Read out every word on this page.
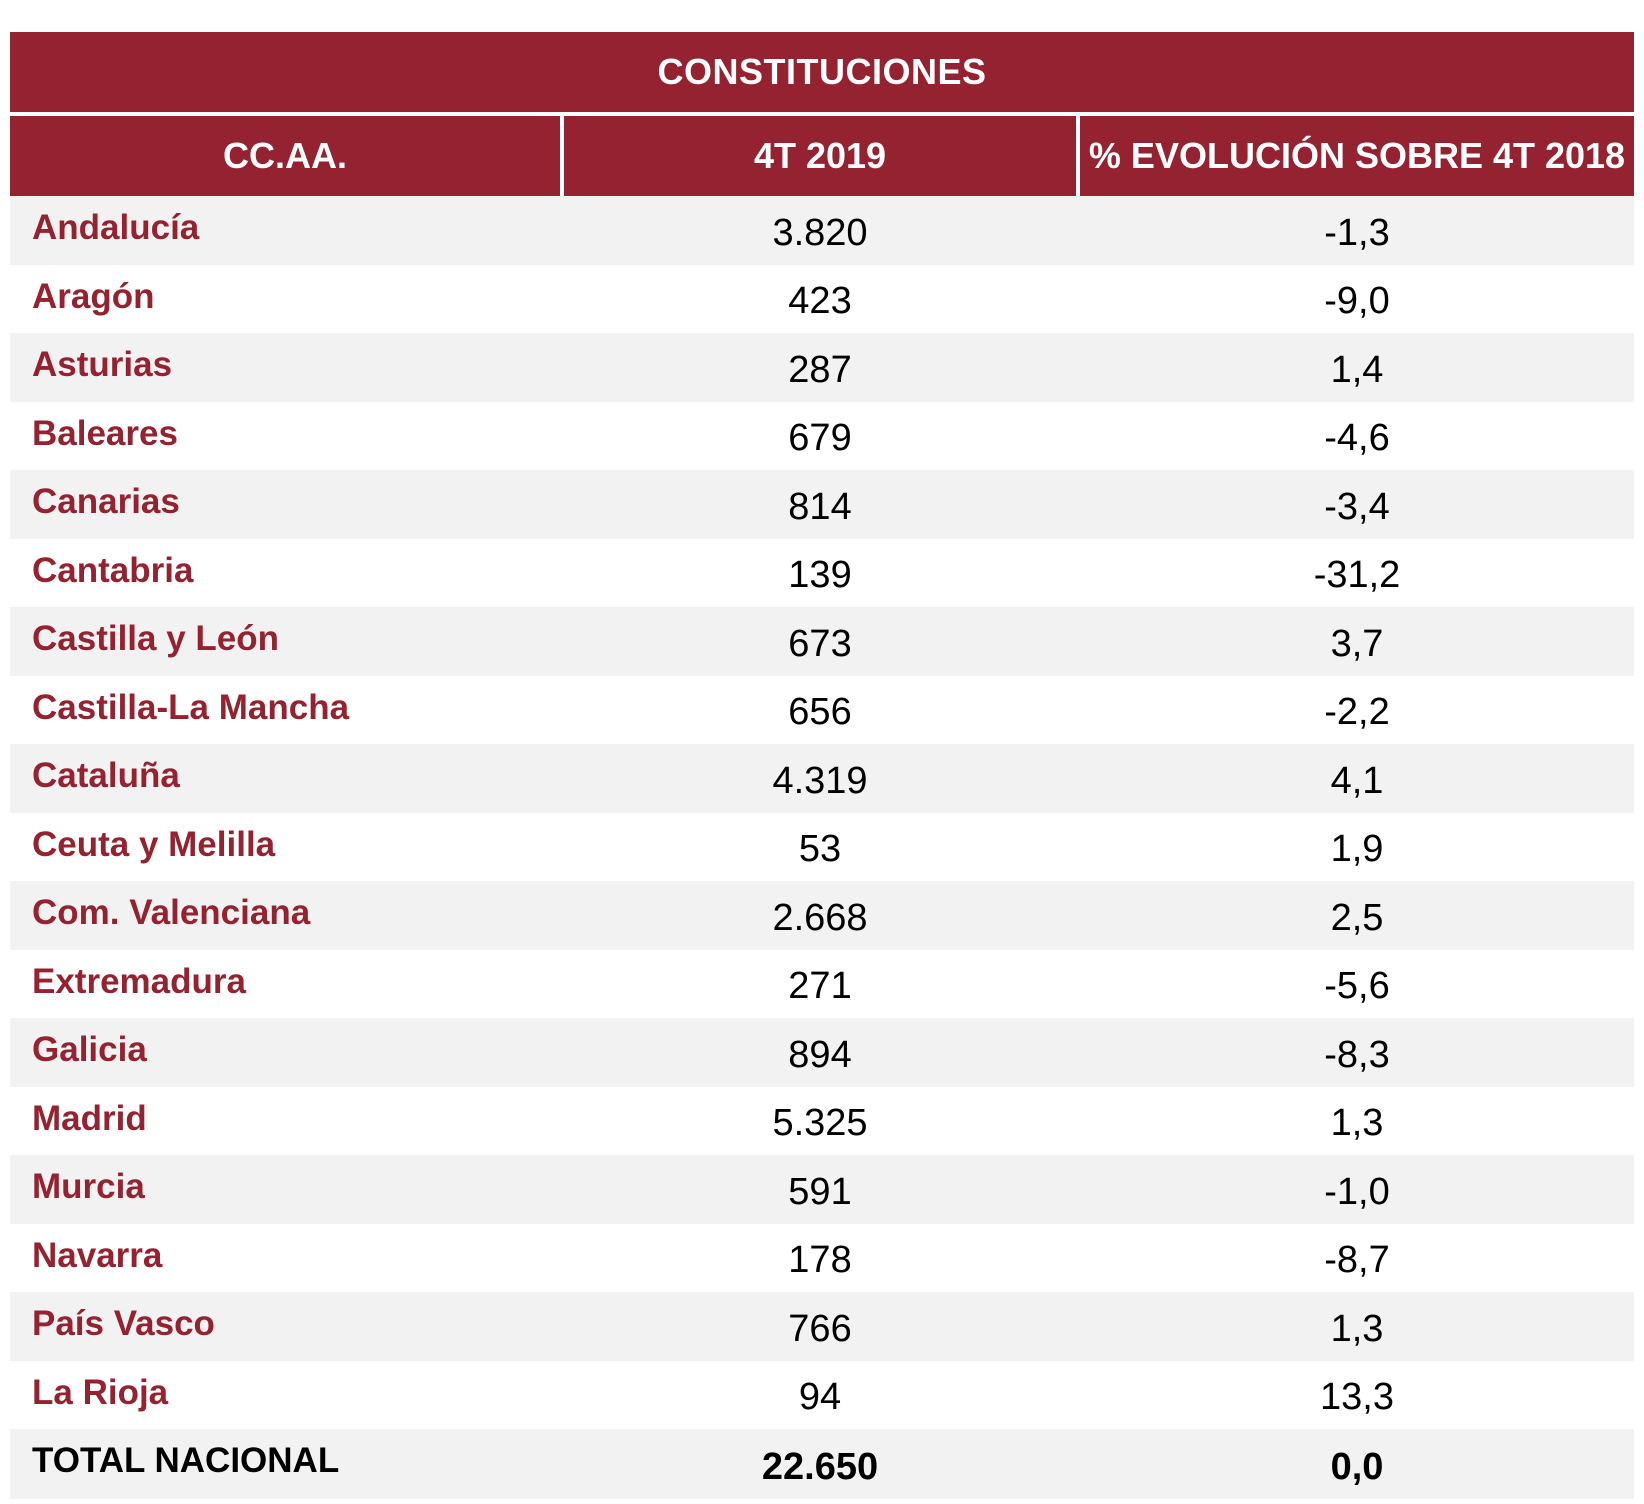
CONSTITUCIONES
CC.AA.	4T 2019	% EVOLUCIÓN SOBRE 4T 2018
Andalucía	3.820	-1,3
Aragón	423	-9,0
Asturias	287	1,4
Baleares	679	-4,6
Canarias	814	-3,4
Cantabria	139	-31,2
Castilla y León	673	3,7
Castilla-La Mancha	656	-2,2
Cataluña	4.319	4,1
Ceuta y Melilla	53	1,9
Com. Valenciana	2.668	2,5
Extremadura	271	-5,6
Galicia	894	-8,3
Madrid	5.325	1,3
Murcia	591	-1,0
Navarra	178	-8,7
País Vasco	766	1,3
La Rioja	94	13,3
TOTAL NACIONAL	22.650	0,0
